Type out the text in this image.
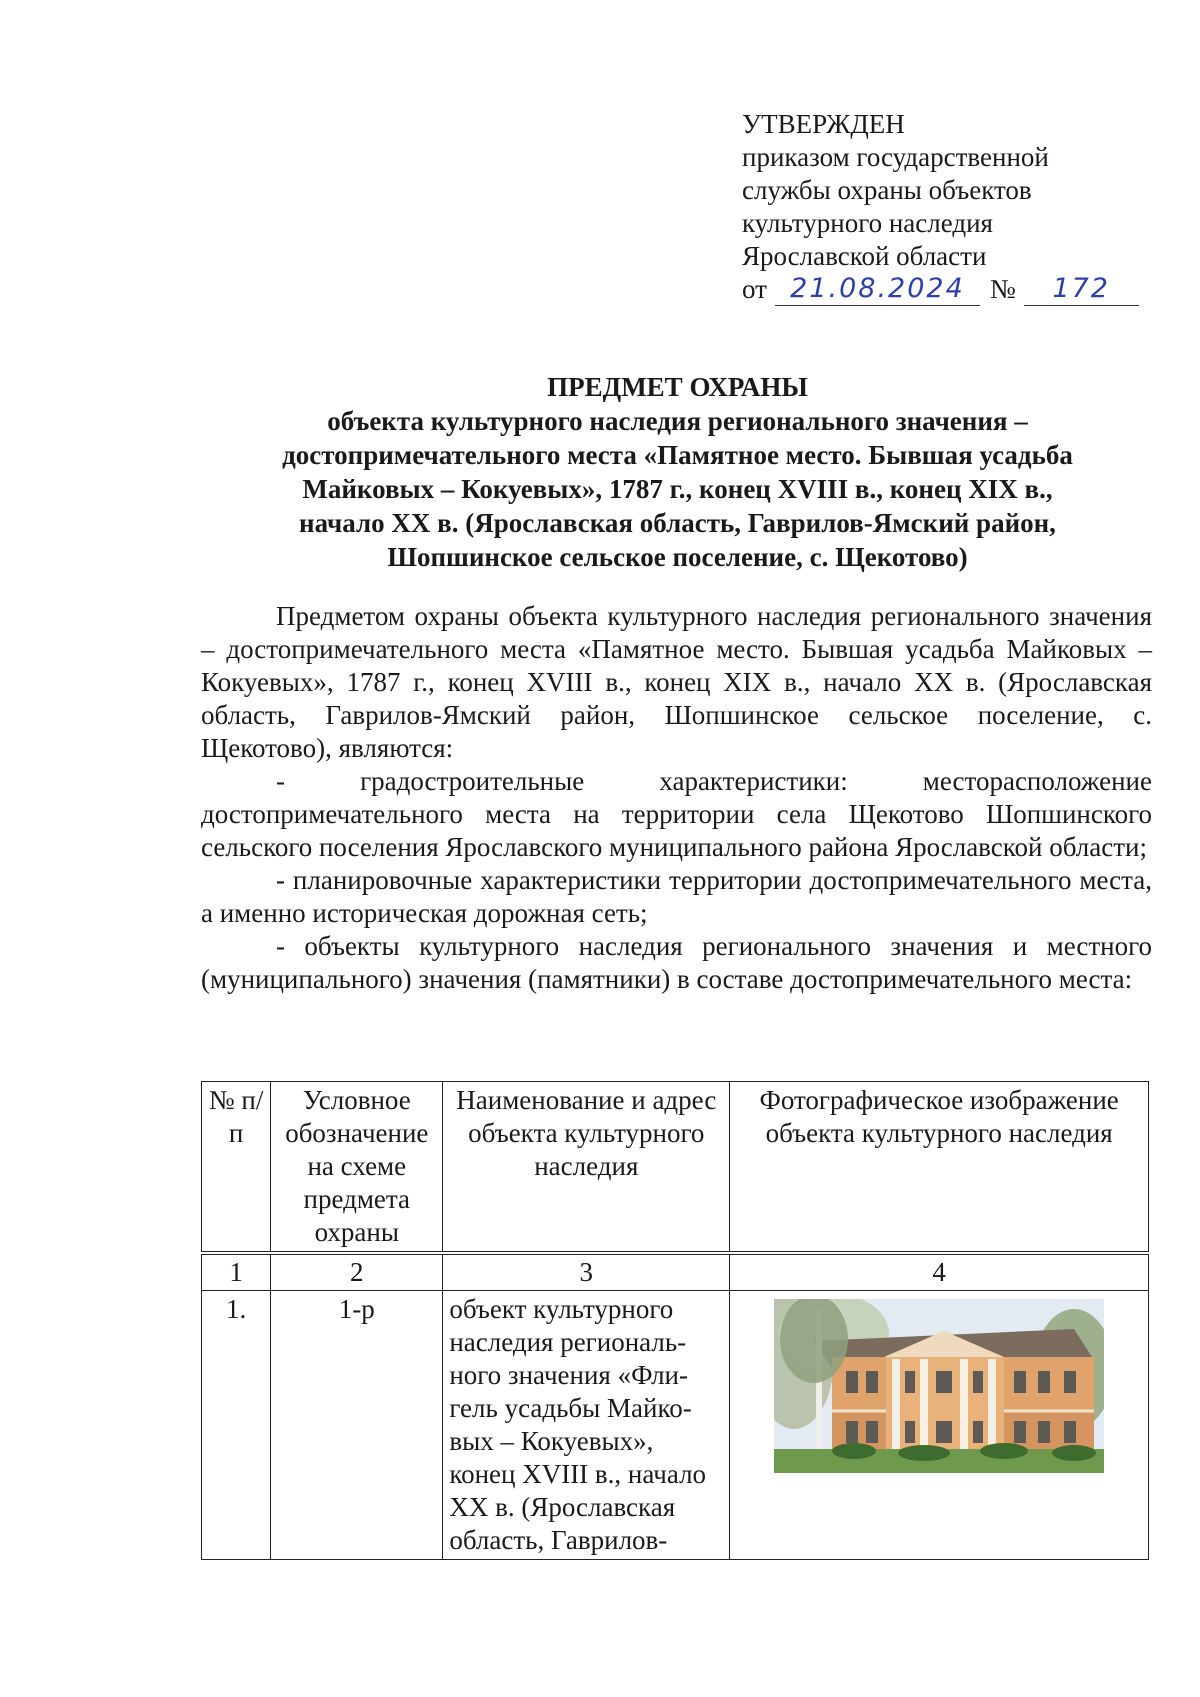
УТВЕРЖДЕН
приказом государственной
службы охраны объектов
культурного наследия
Ярославской области
от 21.08.2024 №	172
ПРЕДМЕТ ОХРАНЫ
объекта культурного наследия регионального значения –
достопримечательного места «Памятное место. Бывшая усадьба
Майковых – Кокуевых», 1787 г., конец XVIII в., конец XIX в.,
начало XX в. (Ярославская область, Гаврилов-Ямский район,
Шопшинское сельское поселение, с. Щекотово)

Предметом охраны объекта культурного наследия регионального значения – достопримечательного места «Памятное место. Бывшая усадьба Майковых – Кокуевых», 1787 г., конец XVIII в., конец XIX в., начало XX в. (Ярославская область, Гаврилов-Ямский район, Шопшинское сельское поселение, с. Щекотово), являются:

- градостроительные характеристики: месторасположение достопримечательного места на территории села Щекотово Шопшинского сельского поселения Ярославского муниципального района Ярославской области;

- планировочные характеристики территории достопримечательного места, а именно историческая дорожная сеть;

- объекты культурного наследия регионального значения и местного (муниципального) значения (памятники) в составе достопримечательного места:

№ п/п	Условное обозначение на схеме предмета охраны	Наименование и адрес объекта культурного наследия	Фотографическое изображение объекта культурного наследия
1	2	3	4
1.	1-р	объект культурного наследия региональ-ного значения «Фли-гель усадьбы Майко-вых – Кокуевых», конец XVIII в., начало XX в. (Ярославская область, Гаврилов-	
